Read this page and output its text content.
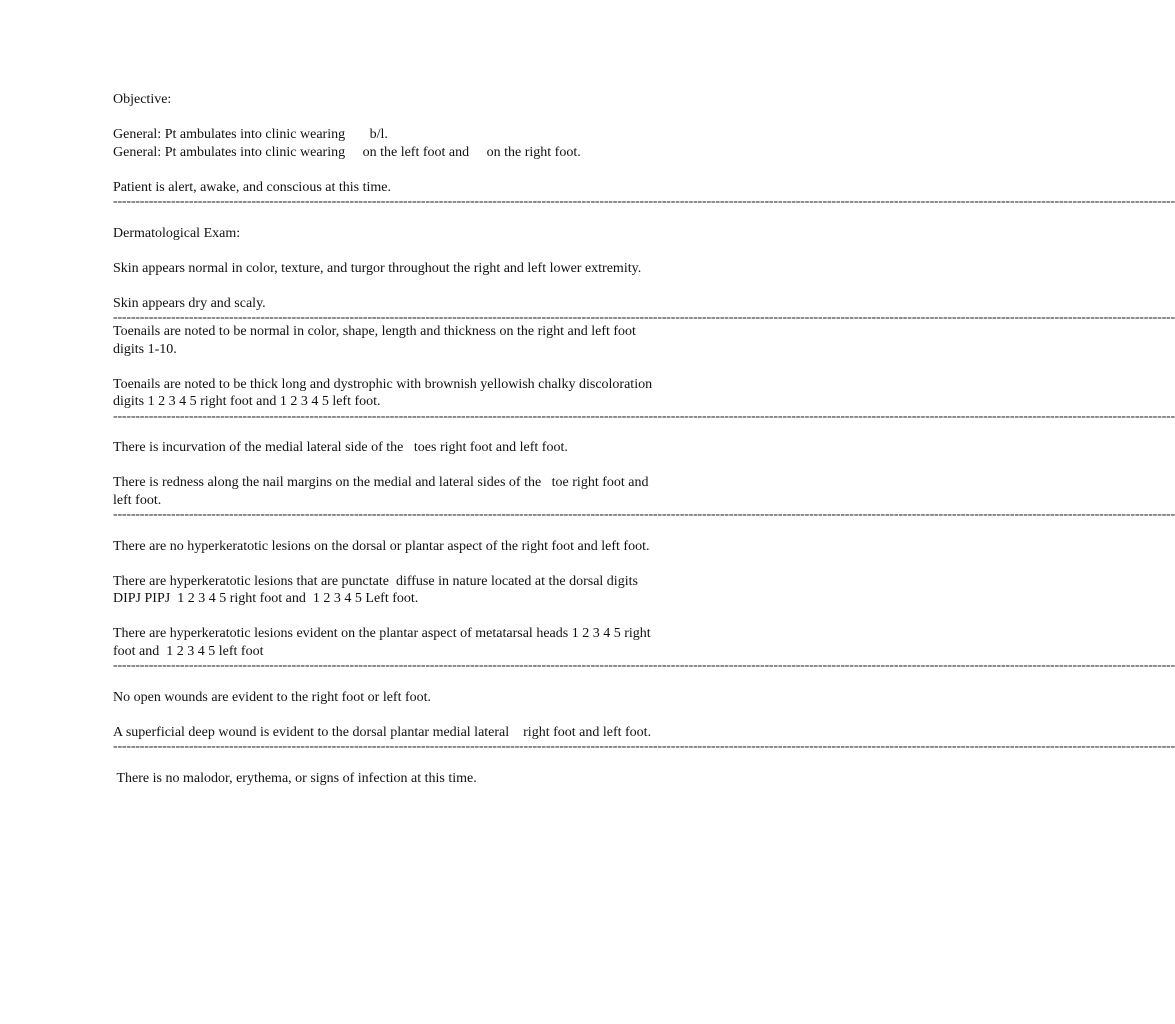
Objective:

General: Pt ambulates into clinic wearing       b/l.

General: Pt ambulates into clinic wearing     on the left foot and     on the right foot.

Patient is alert, awake, and conscious at this time.

----------------------------------------------------------------------------------------------------------------------------------------------------------------------------------------------------------------------------------------------

Dermatological Exam:

Skin appears normal in color, texture, and turgor throughout the right and left lower extremity.

Skin appears dry and scaly.

----------------------------------------------------------------------------------------------------------------------------------------------------------------------------------------------------------------------------------------------

Toenails are noted to be normal in color, shape, length and thickness on the right and left foot digits 1-10.

Toenails are noted to be thick long and dystrophic with brownish yellowish chalky discoloration digits 1 2 3 4 5 right foot and 1 2 3 4 5 left foot.

----------------------------------------------------------------------------------------------------------------------------------------------------------------------------------------------------------------------------------------------

There is incurvation of the medial lateral side of the   toes right foot and left foot.

There is redness along the nail margins on the medial and lateral sides of the   toe right foot and left foot.

----------------------------------------------------------------------------------------------------------------------------------------------------------------------------------------------------------------------------------------------

There are no hyperkeratotic lesions on the dorsal or plantar aspect of the right foot and left foot.

There are hyperkeratotic lesions that are punctate  diffuse in nature located at the dorsal digits DIPJ PIPJ  1 2 3 4 5 right foot and  1 2 3 4 5 Left foot.

There are hyperkeratotic lesions evident on the plantar aspect of metatarsal heads 1 2 3 4 5 right foot and  1 2 3 4 5 left foot

----------------------------------------------------------------------------------------------------------------------------------------------------------------------------------------------------------------------------------------------

No open wounds are evident to the right foot or left foot.

A superficial deep wound is evident to the dorsal plantar medial lateral    right foot and left foot.

----------------------------------------------------------------------------------------------------------------------------------------------------------------------------------------------------------------------------------------------

There is no malodor, erythema, or signs of infection at this time.
